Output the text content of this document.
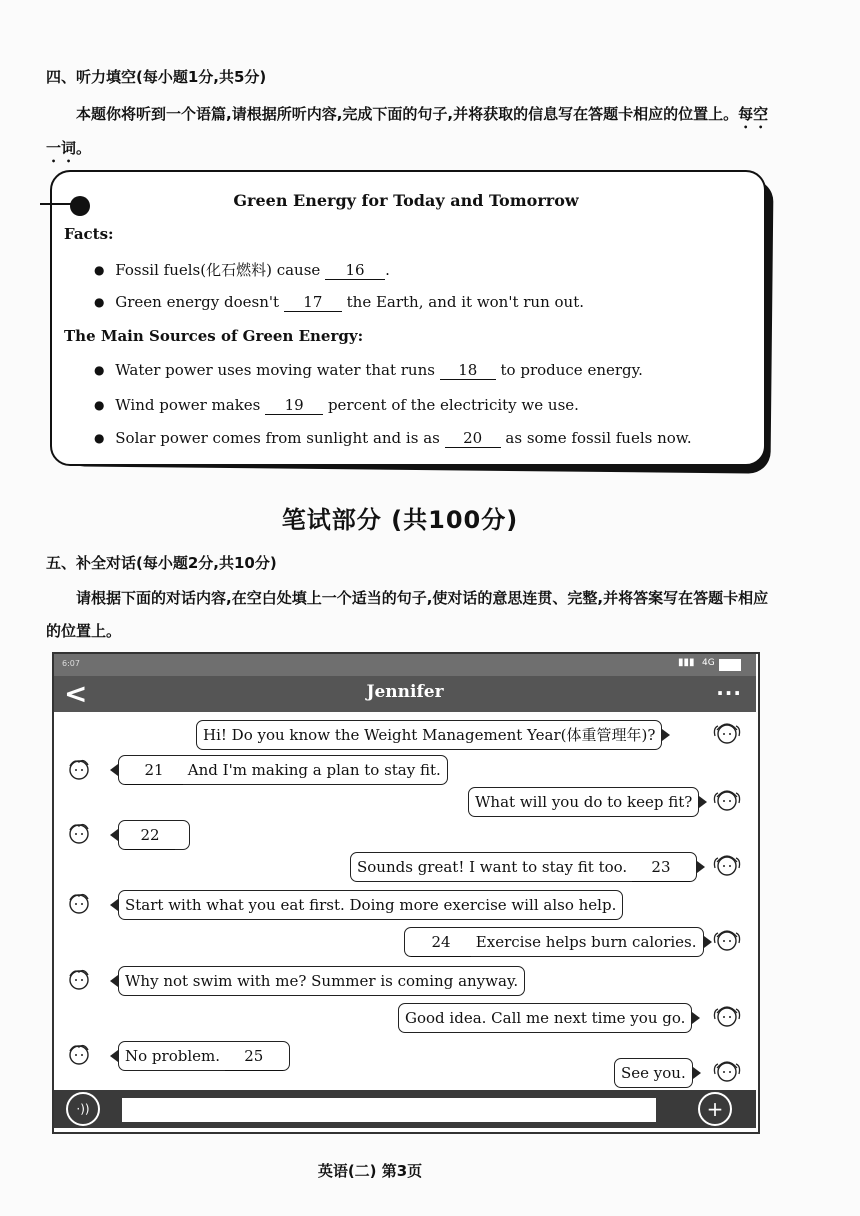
四、听力填空(每小题1分,共5分)
本题你将听到一个语篇,请根据所听内容,完成下面的句子,并将获取的信息写在答题卡相应的位置上。每空一词。
Green Energy for Today and Tomorrow
Facts:
● Fossil fuels(化石燃料) cause 16 .
● Green energy doesn't 17 the Earth, and it won't run out.
The Main Sources of Green Energy:
● Water power uses moving water that runs 18 to produce energy.
● Wind power makes 19 percent of the electricity we use.
● Solar power comes from sunlight and is as 20 as some fossil fuels now.
笔试部分 (共100分)
五、补全对话(每小题2分,共10分)
请根据下面的对话内容,在空白处填上一个适当的句子,使对话的意思连贯、完整,并将答案写在答题卡相应的位置上。
6:07	▮▮▮ 4G
<	Jennifer	...
Hi! Do you know the Weight Management Year(体重管理年)?
21 And I'm making a plan to stay fit.
What will you do to keep fit?
22
Sounds great! I want to stay fit too. 23
Start with what you eat first. Doing more exercise will also help.
24 Exercise helps burn calories.
Why not swim with me? Summer is coming anyway.
Good idea. Call me next time you go.
No problem. 25
See you.
·))	+
英语(二) 第3页
